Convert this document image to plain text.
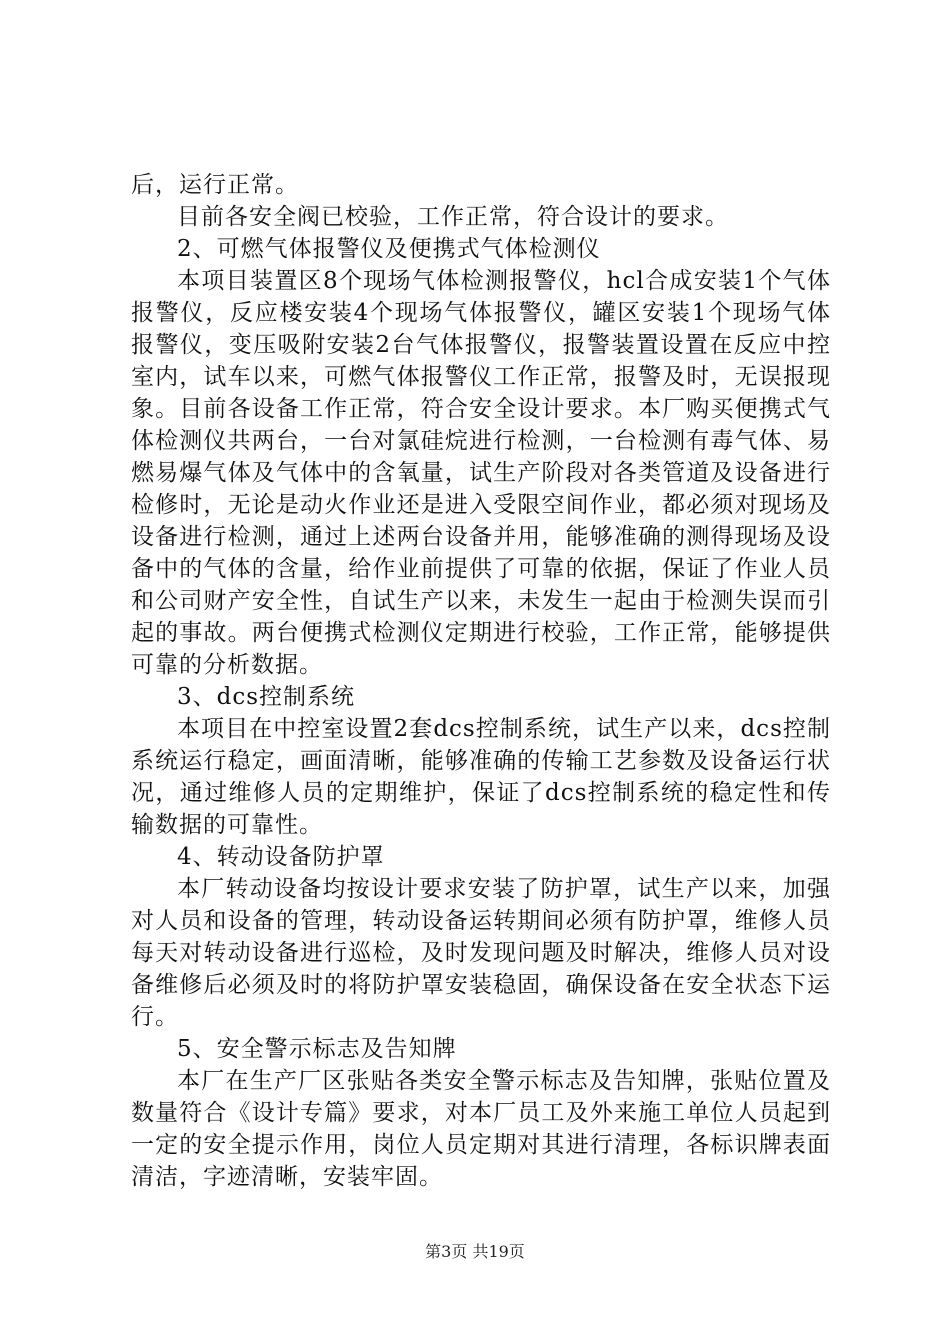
后，运行正常。

目前各安全阀已校验，工作正常，符合设计的要求。

2、可燃气体报警仪及便携式气体检测仪

本项目装置区8个现场气体检测报警仪，hcl合成安装1个气体报警仪，反应楼安装4个现场气体报警仪，罐区安装1个现场气体报警仪，变压吸附安装2台气体报警仪，报警装置设置在反应中控室内，试车以来，可燃气体报警仪工作正常，报警及时，无误报现象。目前各设备工作正常，符合安全设计要求。本厂购买便携式气体检测仪共两台，一台对氯硅烷进行检测，一台检测有毒气体、易燃易爆气体及气体中的含氧量，试生产阶段对各类管道及设备进行检修时，无论是动火作业还是进入受限空间作业，都必须对现场及设备进行检测，通过上述两台设备并用，能够准确的测得现场及设备中的气体的含量，给作业前提供了可靠的依据，保证了作业人员和公司财产安全性，自试生产以来，未发生一起由于检测失误而引起的事故。两台便携式检测仪定期进行校验，工作正常，能够提供可靠的分析数据。

3、dcs控制系统

本项目在中控室设置2套dcs控制系统，试生产以来，dcs控制系统运行稳定，画面清晰，能够准确的传输工艺参数及设备运行状况，通过维修人员的定期维护，保证了dcs控制系统的稳定性和传输数据的可靠性。

4、转动设备防护罩

本厂转动设备均按设计要求安装了防护罩，试生产以来，加强对人员和设备的管理，转动设备运转期间必须有防护罩，维修人员每天对转动设备进行巡检，及时发现问题及时解决，维修人员对设备维修后必须及时的将防护罩安装稳固，确保设备在安全状态下运行。

5、安全警示标志及告知牌

本厂在生产厂区张贴各类安全警示标志及告知牌，张贴位置及数量符合《设计专篇》要求，对本厂员工及外来施工单位人员起到一定的安全提示作用，岗位人员定期对其进行清理，各标识牌表面清洁，字迹清晰，安装牢固。

第3页 共19页
